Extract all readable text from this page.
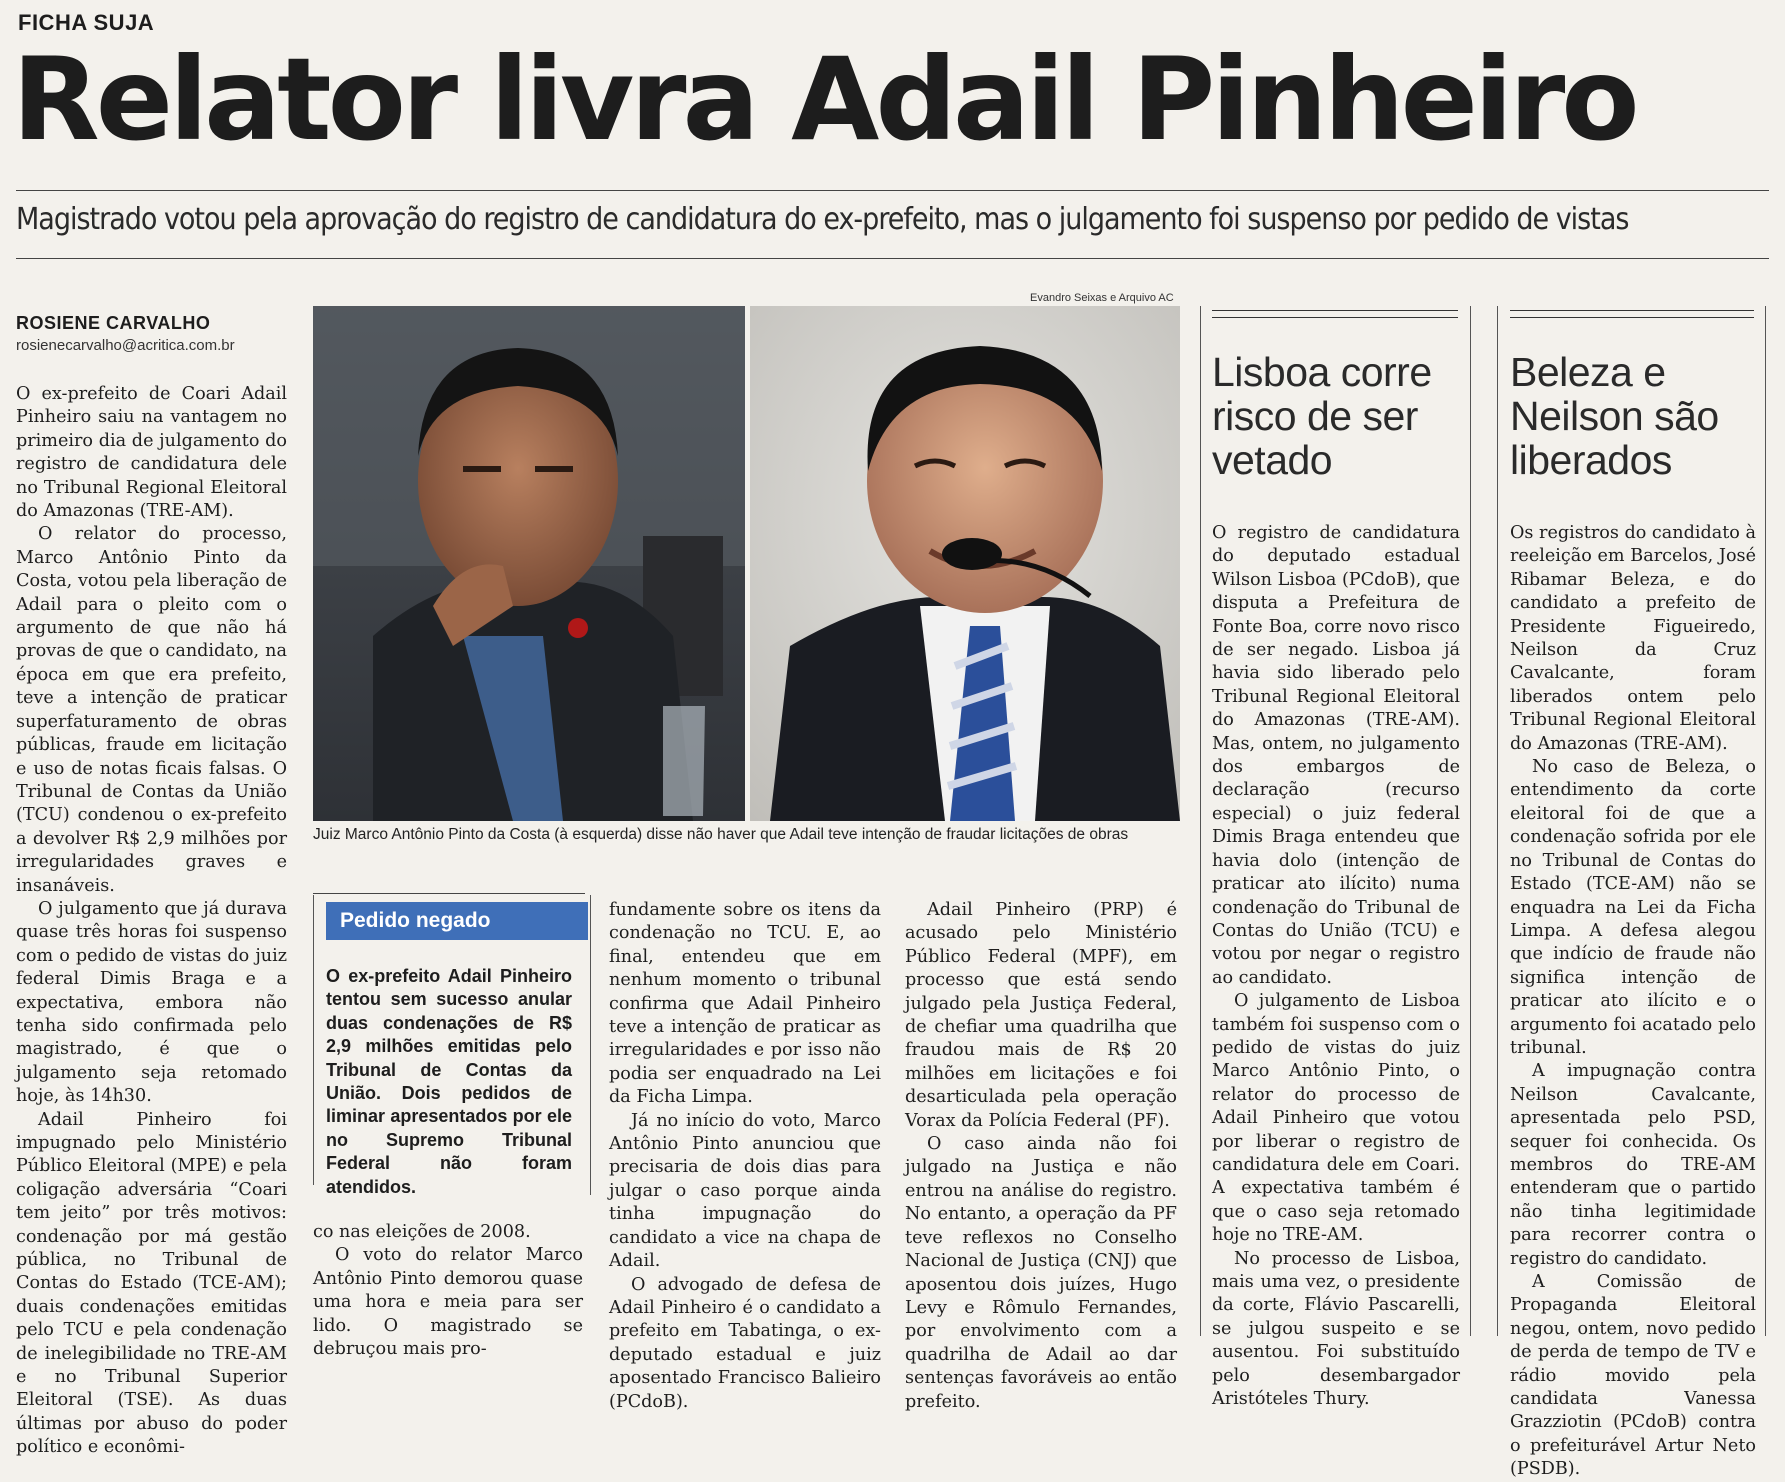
FICHA SUJA
Relator livra Adail Pinheiro
Magistrado votou pela aprovação do registro de candidatura do ex-prefeito, mas o julgamento foi suspenso por pedido de vistas
ROSIENE CARVALHO
rosienecarvalho@acritica.com.br

O ex-prefeito de Coari Adail Pinheiro saiu na vantagem no primeiro dia de julgamento do registro de candidatura dele no Tribunal Regional Eleitoral do Amazonas (TRE-AM).

O relator do processo, Marco Antônio Pinto da Costa, votou pela liberação de Adail para o pleito com o argumento de que não há provas de que o candidato, na época em que era prefeito, teve a intenção de praticar superfaturamento de obras públicas, fraude em licitação e uso de notas ficais falsas. O Tribunal de Contas da União (TCU) condenou o ex-prefeito a devolver R$ 2,9 milhões por irregularidades graves e insanáveis.

O julgamento que já durava quase três horas foi suspenso com o pedido de vistas do juiz federal Dimis Braga e a expectativa, embora não tenha sido confirmada pelo magistrado, é que o julgamento seja retomado hoje, às 14h30.

Adail Pinheiro foi impugnado pelo Ministério Público Eleitoral (MPE) e pela coligação adversária “Coari tem jeito” por três motivos: condenação por má gestão pública, no Tribunal de Contas do Estado (TCE-AM); duais condenações emitidas pelo TCU e pela condenação de inelegibilidade no TRE-AM e no Tribunal Superior Eleitoral (TSE). As duas últimas por abuso do poder político e econômi-

Evandro Seixas e Arquivo AC
Juiz Marco Antônio Pinto da Costa (à esquerda) disse não haver que Adail teve intenção de fraudar licitações de obras
Pedido negado
O ex-prefeito Adail Pinheiro tentou sem sucesso anular duas condenações de R$ 2,9 milhões emitidas pelo Tribunal de Contas da União. Dois pedidos de liminar apresentados por ele no Supremo Tribunal Federal não foram atendidos.

co nas eleições de 2008.

O voto do relator Marco Antônio Pinto demorou quase uma hora e meia para ser lido. O magistrado se debruçou mais pro-

fundamente sobre os itens da condenação no TCU. E, ao final, entendeu que em nenhum momento o tribunal confirma que Adail Pinheiro teve a intenção de praticar as irregularidades e por isso não podia ser enquadrado na Lei da Ficha Limpa.

Já no início do voto, Marco Antônio Pinto anunciou que precisaria de dois dias para julgar o caso porque ainda tinha impugnação do candidato a vice na chapa de Adail.

O advogado de defesa de Adail Pinheiro é o candidato a prefeito em Tabatinga, o ex-deputado estadual e juiz aposentado Francisco Balieiro (PCdoB).

Adail Pinheiro (PRP) é acusado pelo Ministério Público Federal (MPF), em processo que está sendo julgado pela Justiça Federal, de chefiar uma quadrilha que fraudou mais de R$ 20 milhões em licitações e foi desarticulada pela operação Vorax da Polícia Federal (PF).

O caso ainda não foi julgado na Justiça e não entrou na análise do registro. No entanto, a operação da PF teve reflexos no Conselho Nacional de Justiça (CNJ) que aposentou dois juízes, Hugo Levy e Rômulo Fernandes, por envolvimento com a quadrilha de Adail ao dar sentenças favoráveis ao então prefeito.

Lisboa corre risco de ser vetado

O registro de candidatura do deputado estadual Wilson Lisboa (PCdoB), que disputa a Prefeitura de Fonte Boa, corre novo risco de ser negado. Lisboa já havia sido liberado pelo Tribunal Regional Eleitoral do Amazonas (TRE-AM). Mas, ontem, no julgamento dos embargos de declaração (recurso especial) o juiz federal Dimis Braga entendeu que havia dolo (intenção de praticar ato ilícito) numa condenação do Tribunal de Contas do União (TCU) e votou por negar o registro ao candidato.

O julgamento de Lisboa também foi suspenso com o pedido de vistas do juiz Marco Antônio Pinto, o relator do processo de Adail Pinheiro que votou por liberar o registro de candidatura dele em Coari. A expectativa também é que o caso seja retomado hoje no TRE-AM.

No processo de Lisboa, mais uma vez, o presidente da corte, Flávio Pascarelli, se julgou suspeito e se ausentou. Foi substituído pelo desembargador Aristóteles Thury.

Beleza e Neilson são liberados

Os registros do candidato à reeleição em Barcelos, José Ribamar Beleza, e do candidato a prefeito de Presidente Figueiredo, Neilson da Cruz Cavalcante, foram liberados ontem pelo Tribunal Regional Eleitoral do Amazonas (TRE-AM).

No caso de Beleza, o entendimento da corte eleitoral foi de que a condenação sofrida por ele no Tribunal de Contas do Estado (TCE-AM) não se enquadra na Lei da Ficha Limpa. A defesa alegou que indício de fraude não significa intenção de praticar ato ilícito e o argumento foi acatado pelo tribunal.

A impugnação contra Neilson Cavalcante, apresentada pelo PSD, sequer foi conhecida. Os membros do TRE-AM entenderam que o partido não tinha legitimidade para recorrer contra o registro do candidato.

A Comissão de Propaganda Eleitoral negou, ontem, novo pedido de perda de tempo de TV e rádio movido pela candidata Vanessa Grazziotin (PCdoB) contra o prefeiturável Artur Neto (PSDB).
